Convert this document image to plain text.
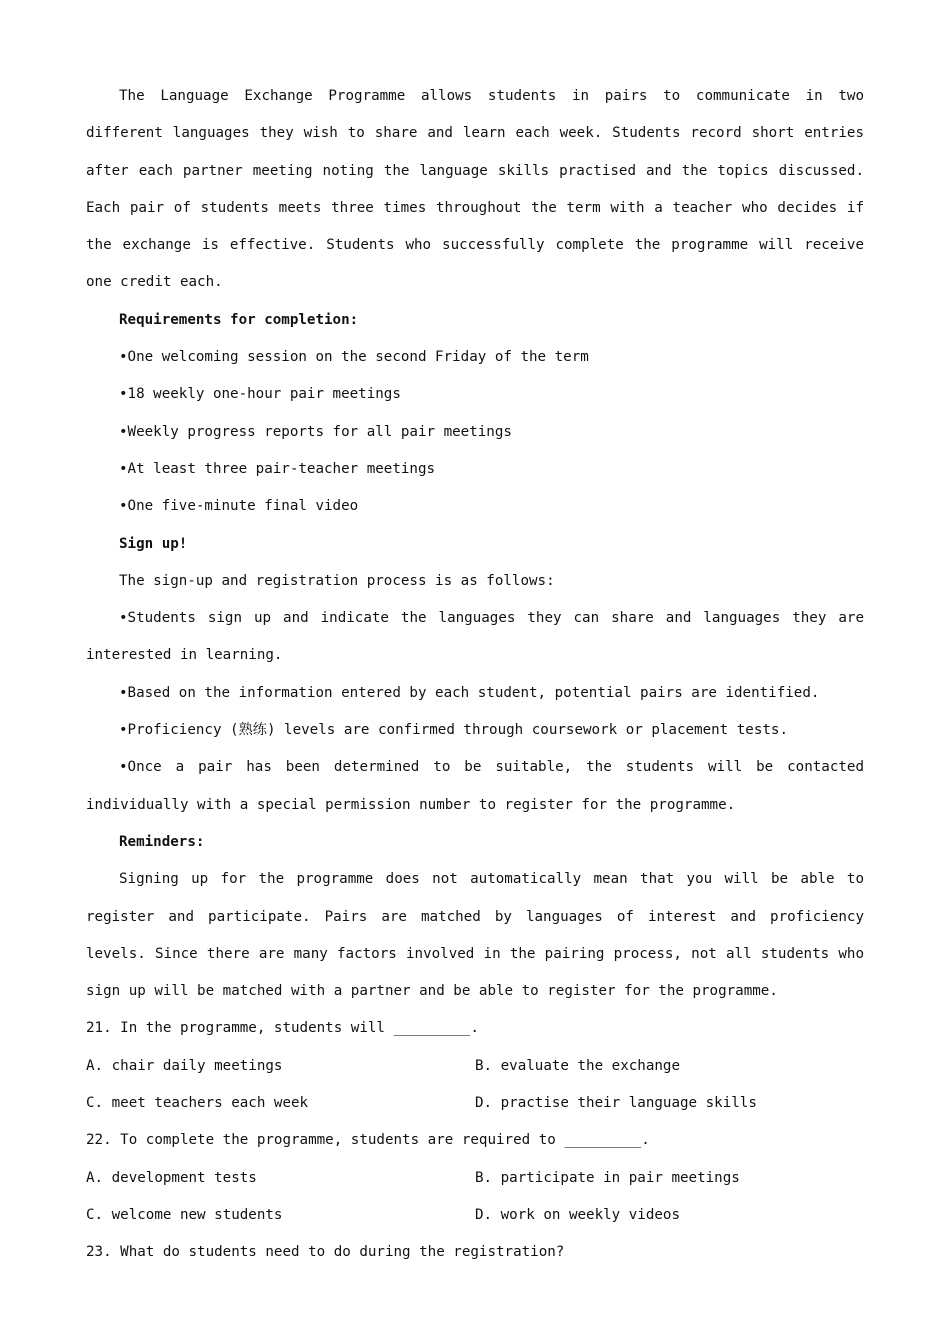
The Language Exchange Programme allows students in pairs to communicate in two different languages they wish to share and learn each week. Students record short entries after each partner meeting noting the language skills practised and the topics discussed. Each pair of students meets three times throughout the term with a teacher who decides if the exchange is effective. Students who successfully complete the programme will receive one credit each.
Requirements for completion:
•One welcoming session on the second Friday of the term
•18 weekly one-hour pair meetings
•Weekly progress reports for all pair meetings
•At least three pair-teacher meetings
•One five-minute final video
Sign up!
The sign-up and registration process is as follows:
•Students sign up and indicate the languages they can share and languages they are interested in learning.
•Based on the information entered by each student, potential pairs are identified.
•Proficiency (熟练) levels are confirmed through coursework or placement tests.
•Once a pair has been determined to be suitable, the students will be contacted individually with a special permission number to register for the programme.
Reminders:
Signing up for the programme does not automatically mean that you will be able to register and participate. Pairs are matched by languages of interest and proficiency levels. Since there are many factors involved in the pairing process, not all students who sign up will be matched with a partner and be able to register for the programme.
21. In the programme, students will _________.
A. chair daily meetings	B. evaluate the exchange
C. meet teachers each week	D. practise their language skills
22. To complete the programme, students are required to _________.
A. development tests	B. participate in pair meetings
C. welcome new students	D. work on weekly videos
23. What do students need to do during the registration?
